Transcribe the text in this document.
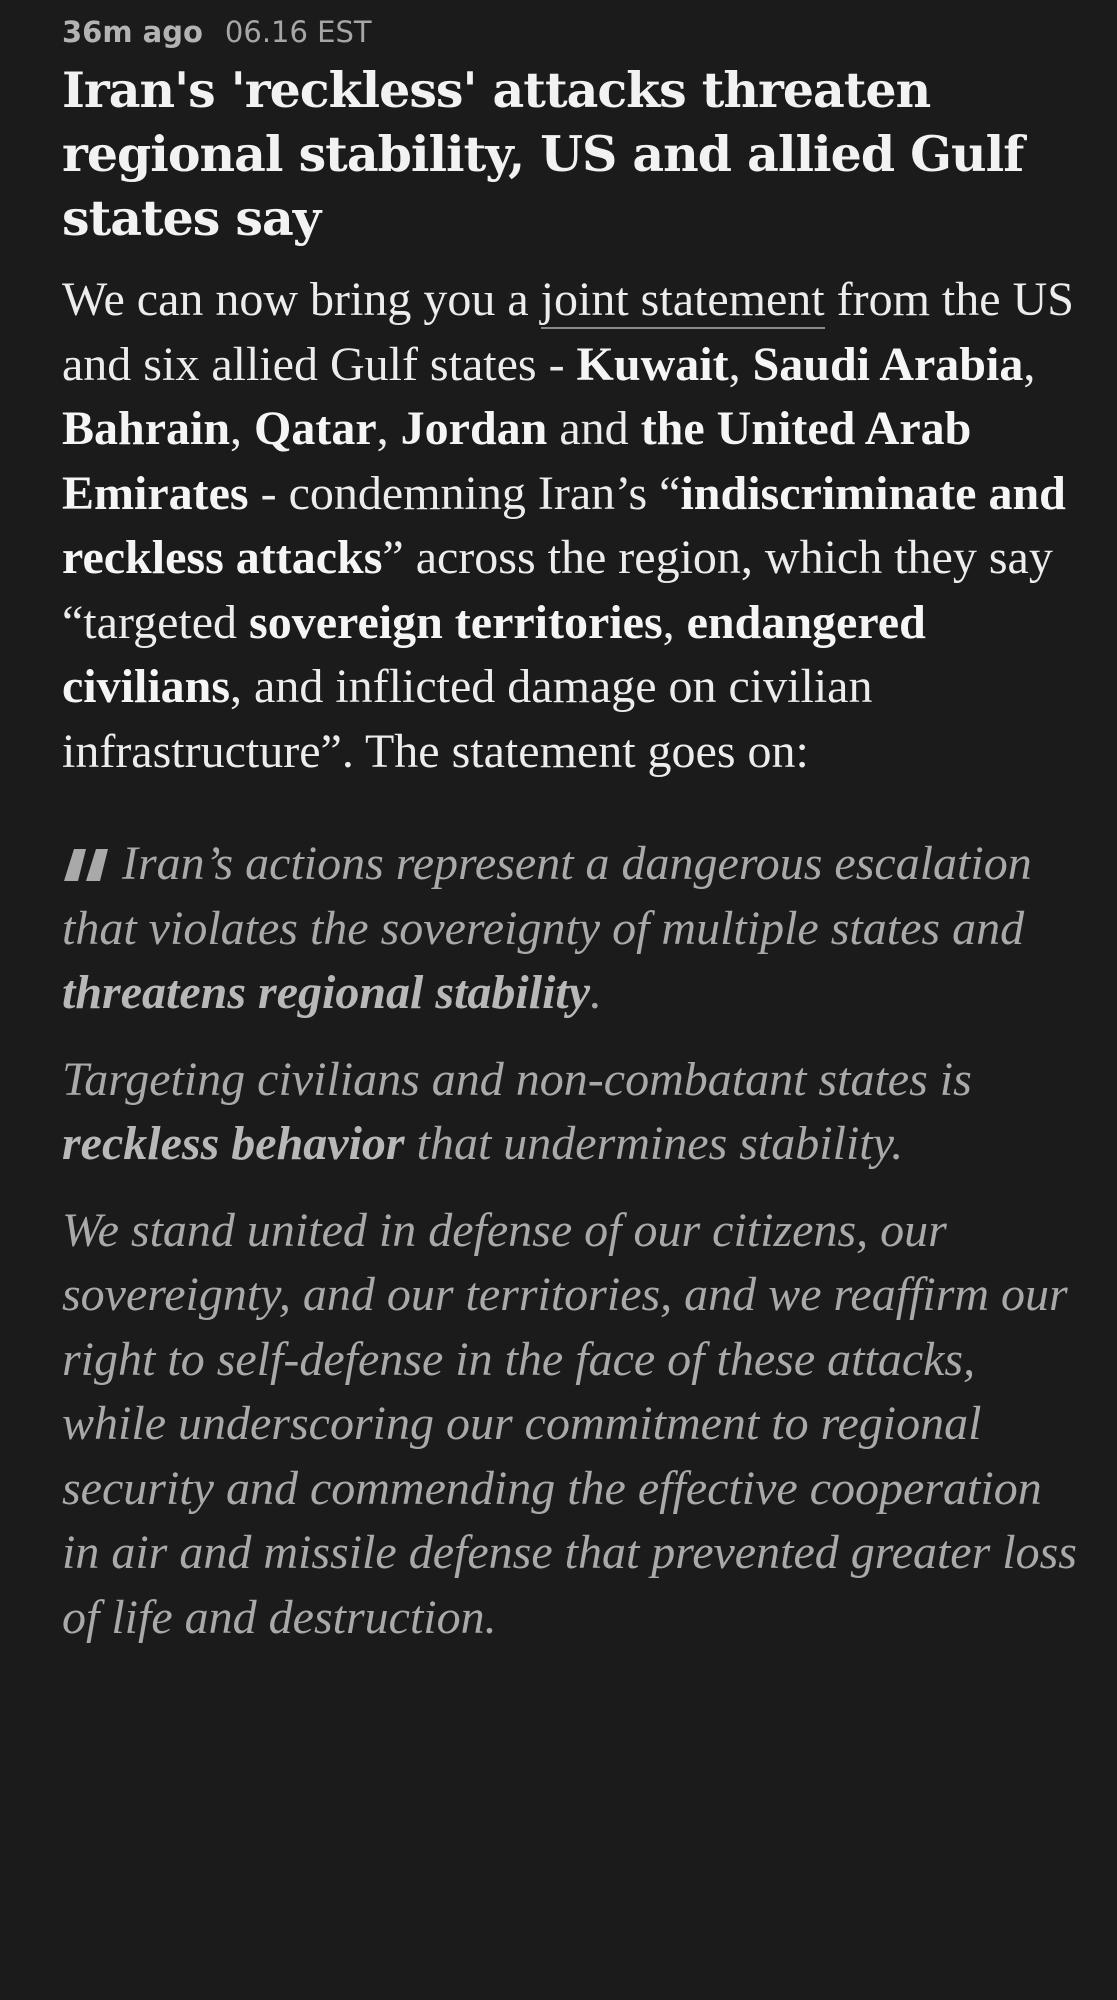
36m ago 06.16 EST
Iran's 'reckless' attacks threaten regional stability, US and allied Gulf states say
We can now bring you a joint statement from the US and six allied Gulf states - Kuwait, Saudi Arabia, Bahrain, Qatar, Jordan and the United Arab Emirates - condemning Iran’s “indiscriminate and reckless attacks” across the region, which they say “targeted sovereign territories, endangered civilians, and inflicted damage on civilian infrastructure”. The statement goes on:

Iran’s actions represent a dangerous escalation that violates the sovereignty of multiple states and threatens regional stability.

Targeting civilians and non-combatant states is reckless behavior that undermines stability.

We stand united in defense of our citizens, our sovereignty, and our territories, and we reaffirm our right to self-defense in the face of these attacks, while underscoring our commitment to regional security and commending the effective cooperation in air and missile defense that prevented greater loss of life and destruction.
